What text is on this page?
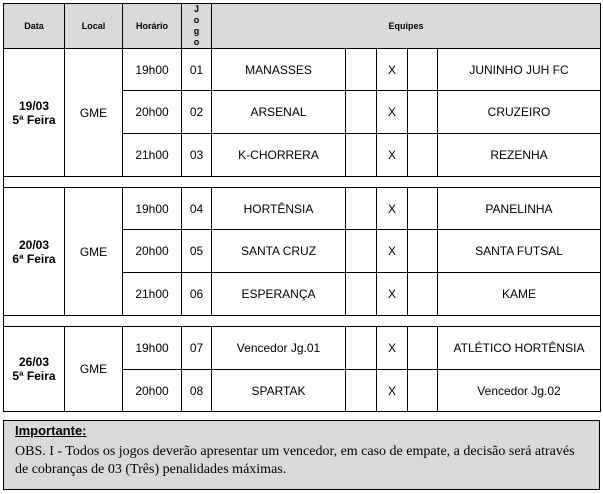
Data	Local	Horário	Jogo	Equipes				

19/03
5ª Feira	GME	19h00	01	MANASSES		X		JUNINHO JUH FC
		20h00	02	ARSENAL		X		CRUZEIRO
		21h00	03	K-CHORRERA		X		REZENHA

20/03
6ª Feira	GME	19h00	04	HORTÊNSIA		X		PANELINHA
		20h00	05	SANTA CRUZ		X		SANTA FUTSAL
		21h00	06	ESPERANÇA		X		KAME

26/03
5ª Feira	GME	19h00	07	Vencedor Jg.01		X		ATLÉTICO HORTÊNSIA
		20h00	08	SPARTAK		X		Vencedor Jg.02
Importante:
OBS. I - Todos os jogos deverão apresentar um vencedor, em caso de empate, a decisão será através de cobranças de 03 (Três) penalidades máximas.
